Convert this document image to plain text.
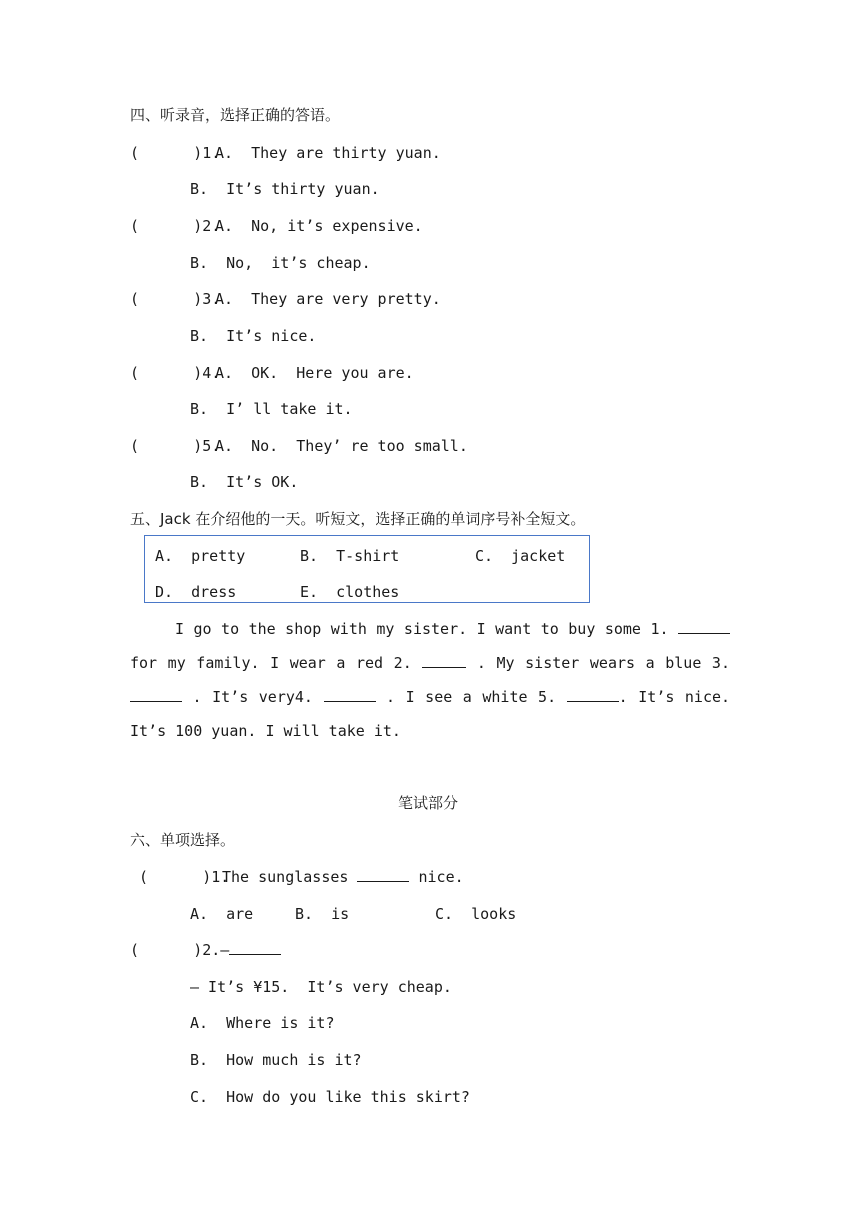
四、听录音，选择正确的答语。
(      )1.
A.  They are thirty yuan.
B.  It’s thirty yuan.
(      )2.
A.  No, it’s expensive.
B.  No,  it’s cheap.
(      )3.
A.  They are very pretty.
B.  It’s nice.
(      )4.
A.  OK.  Here you are.
B.  I’ ll take it.
(      )5.
A.  No.  They’ re too small.
B.  It’s OK.
五、Jack 在介绍他的一天。听短文，选择正确的单词序号补全短文。
A.  pretty	B.  T-shirt	C.  jacket
D.  dress	E.  clothes
I go to the shop with my sister. I want to buy some 1.  for my family. I wear a red 2.	. My sister wears a blue 3.  . It’s very4.	. I see a white 5.	. It’s nice. It’s 100 yuan. I will take it.
笔试部分
六、单项选择。
(      )1.
The sunglasses	nice.
A.  are	B.  is	C.  looks
(      )2.—
— It’s ¥15.  It’s very cheap.
A.  Where is it?
B.  How much is it?
C.  How do you like this skirt?
